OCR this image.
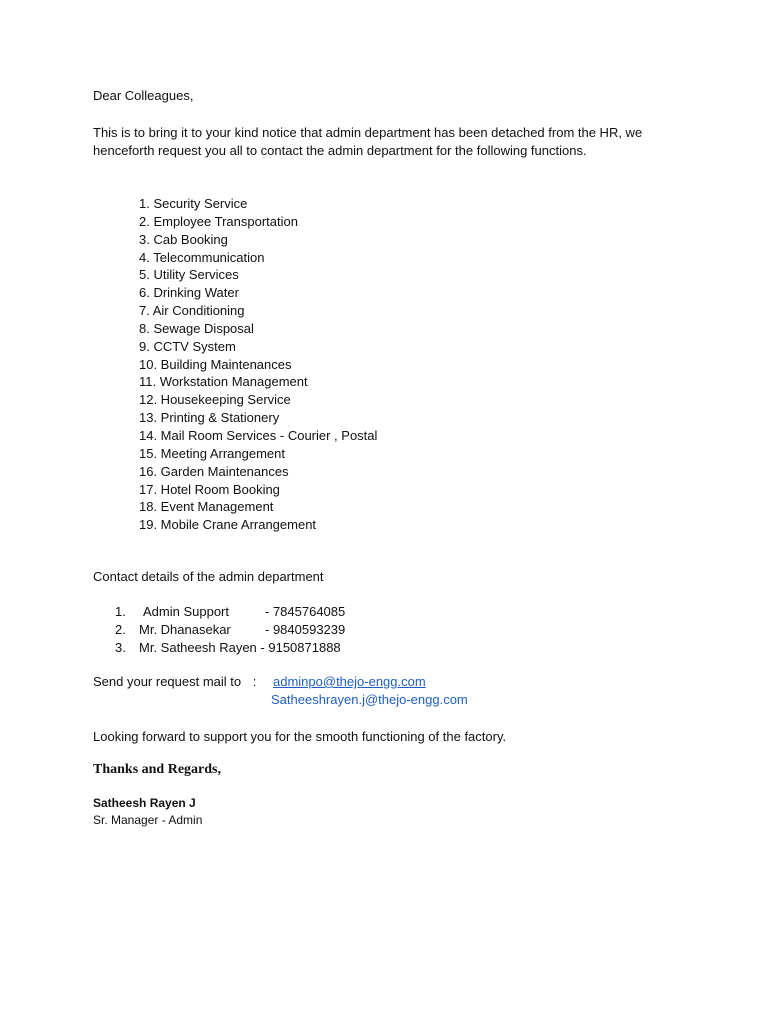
Dear Colleagues,
This is to bring it to your kind notice that admin department has been detached from the HR, we henceforth request you all to contact the admin department for the following functions.
1. Security Service
2. Employee Transportation
3. Cab Booking
4. Telecommunication
5. Utility Services
6. Drinking Water
7. Air Conditioning
8. Sewage Disposal
9. CCTV System
10. Building Maintenances
11. Workstation Management
12. Housekeeping Service
13. Printing & Stationery
14. Mail Room Services - Courier , Postal
15. Meeting Arrangement
16. Garden Maintenances
17. Hotel Room Booking
18. Event Management
19. Mobile Crane Arrangement
Contact details of the admin department
1. Admin Support	- 7845764085
2. Mr. Dhanasekar	- 9840593239
3. Mr. Satheesh Rayen - 9150871888
Send your request mail to : adminpo@thejo-engg.com
Satheeshrayen.j@thejo-engg.com
Looking forward to support you for the smooth functioning of the factory.
Thanks and Regards,
Satheesh Rayen J
Sr. Manager - Admin
